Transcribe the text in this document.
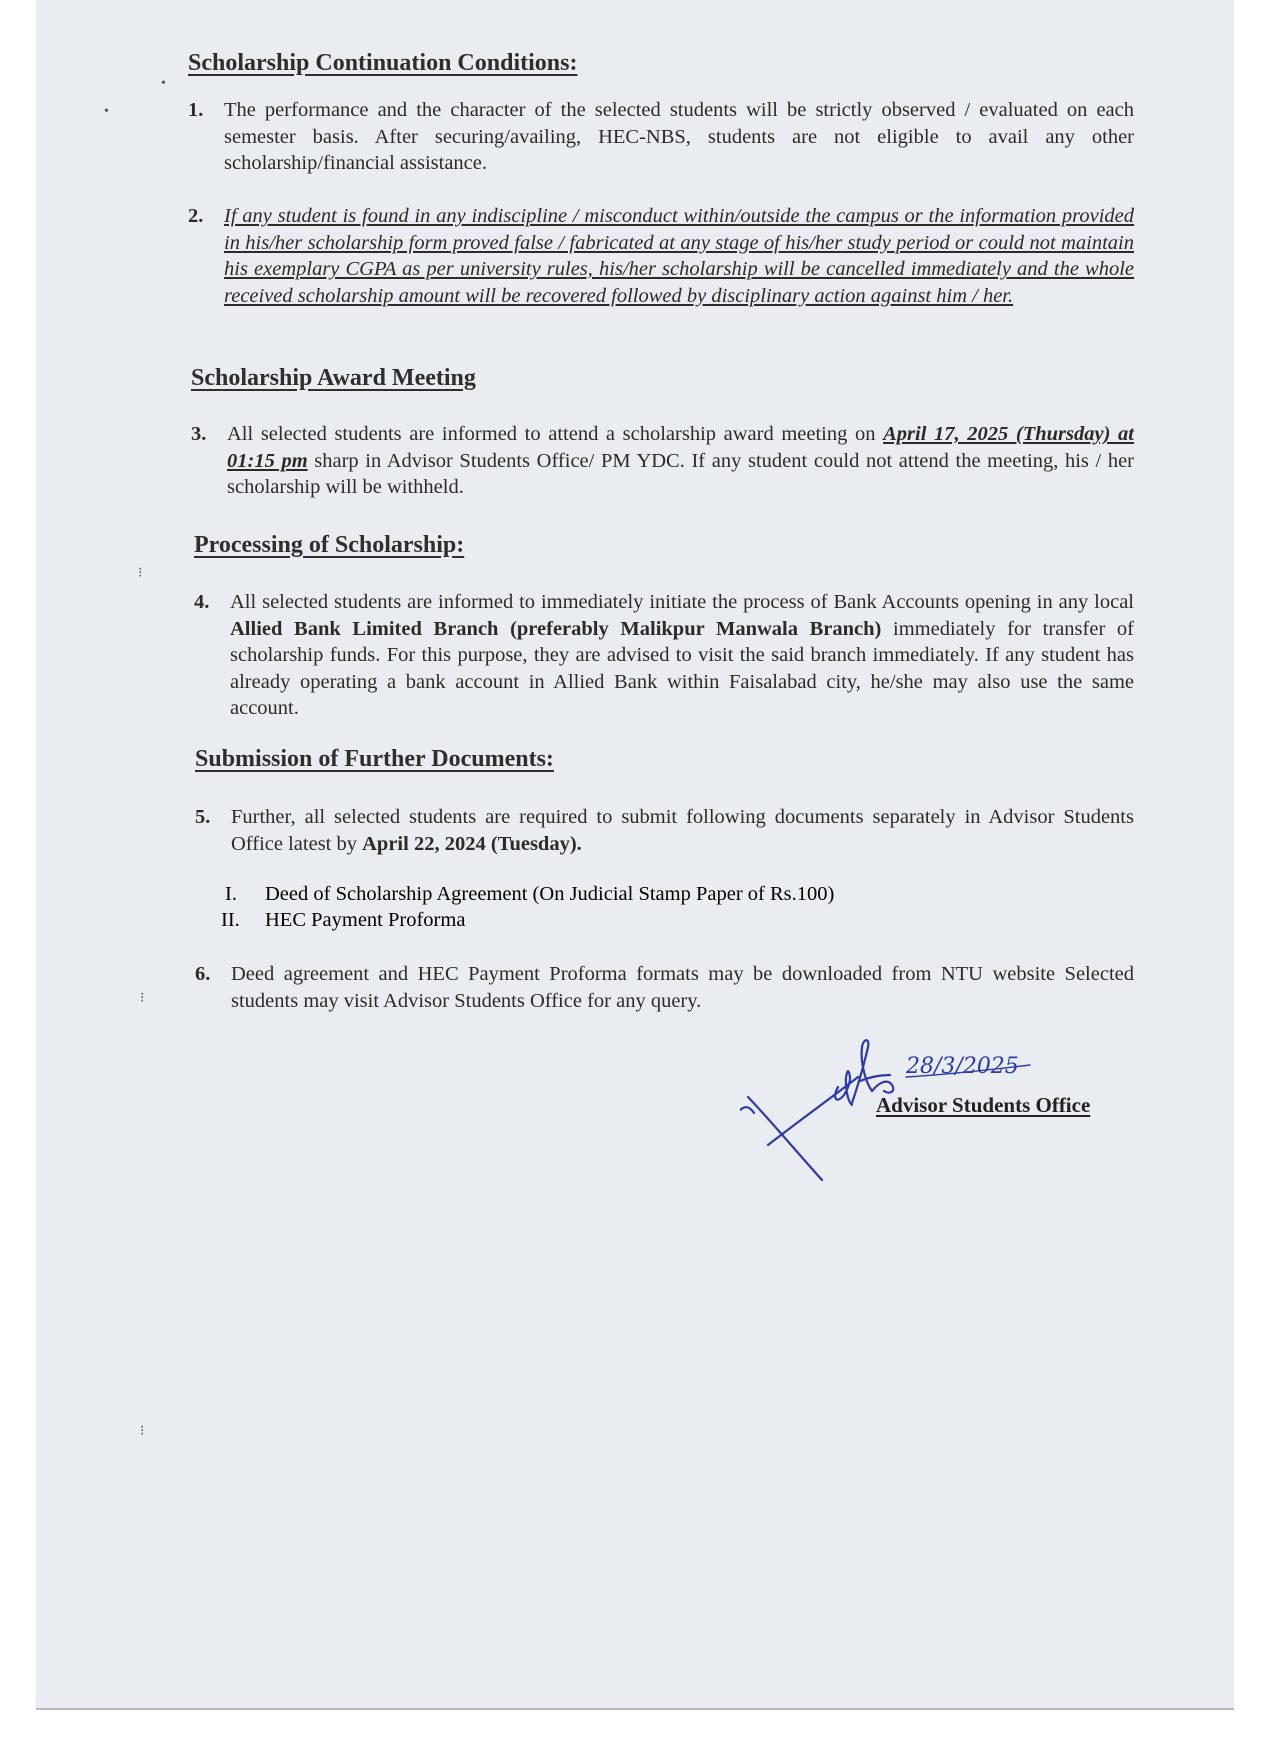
Scholarship Continuation Conditions:
1. The performance and the character of the selected students will be strictly observed / evaluated on each semester basis. After securing/availing, HEC-NBS, students are not eligible to avail any other scholarship/financial assistance.
2. If any student is found in any indiscipline / misconduct within/outside the campus or the information provided in his/her scholarship form proved false / fabricated at any stage of his/her study period or could not maintain his exemplary CGPA as per university rules, his/her scholarship will be cancelled immediately and the whole received scholarship amount will be recovered followed by disciplinary action against him / her.
Scholarship Award Meeting
3. All selected students are informed to attend a scholarship award meeting on April 17, 2025 (Thursday) at 01:15 pm sharp in Advisor Students Office/ PM YDC. If any student could not attend the meeting, his / her scholarship will be withheld.
Processing of Scholarship:
4. All selected students are informed to immediately initiate the process of Bank Accounts opening in any local Allied Bank Limited Branch (preferably Malikpur Manwala Branch) immediately for transfer of scholarship funds. For this purpose, they are advised to visit the said branch immediately. If any student has already operating a bank account in Allied Bank within Faisalabad city, he/she may also use the same account.
Submission of Further Documents:
5. Further, all selected students are required to submit following documents separately in Advisor Students Office latest by April 22, 2024 (Tuesday).
I. Deed of Scholarship Agreement (On Judicial Stamp Paper of Rs.100)
II. HEC Payment Proforma
6. Deed agreement and HEC Payment Proforma formats may be downloaded from NTU website Selected students may visit Advisor Students Office for any query.
28/3/2025
Advisor Students Office
•
•
⁝
⁝
⁝
